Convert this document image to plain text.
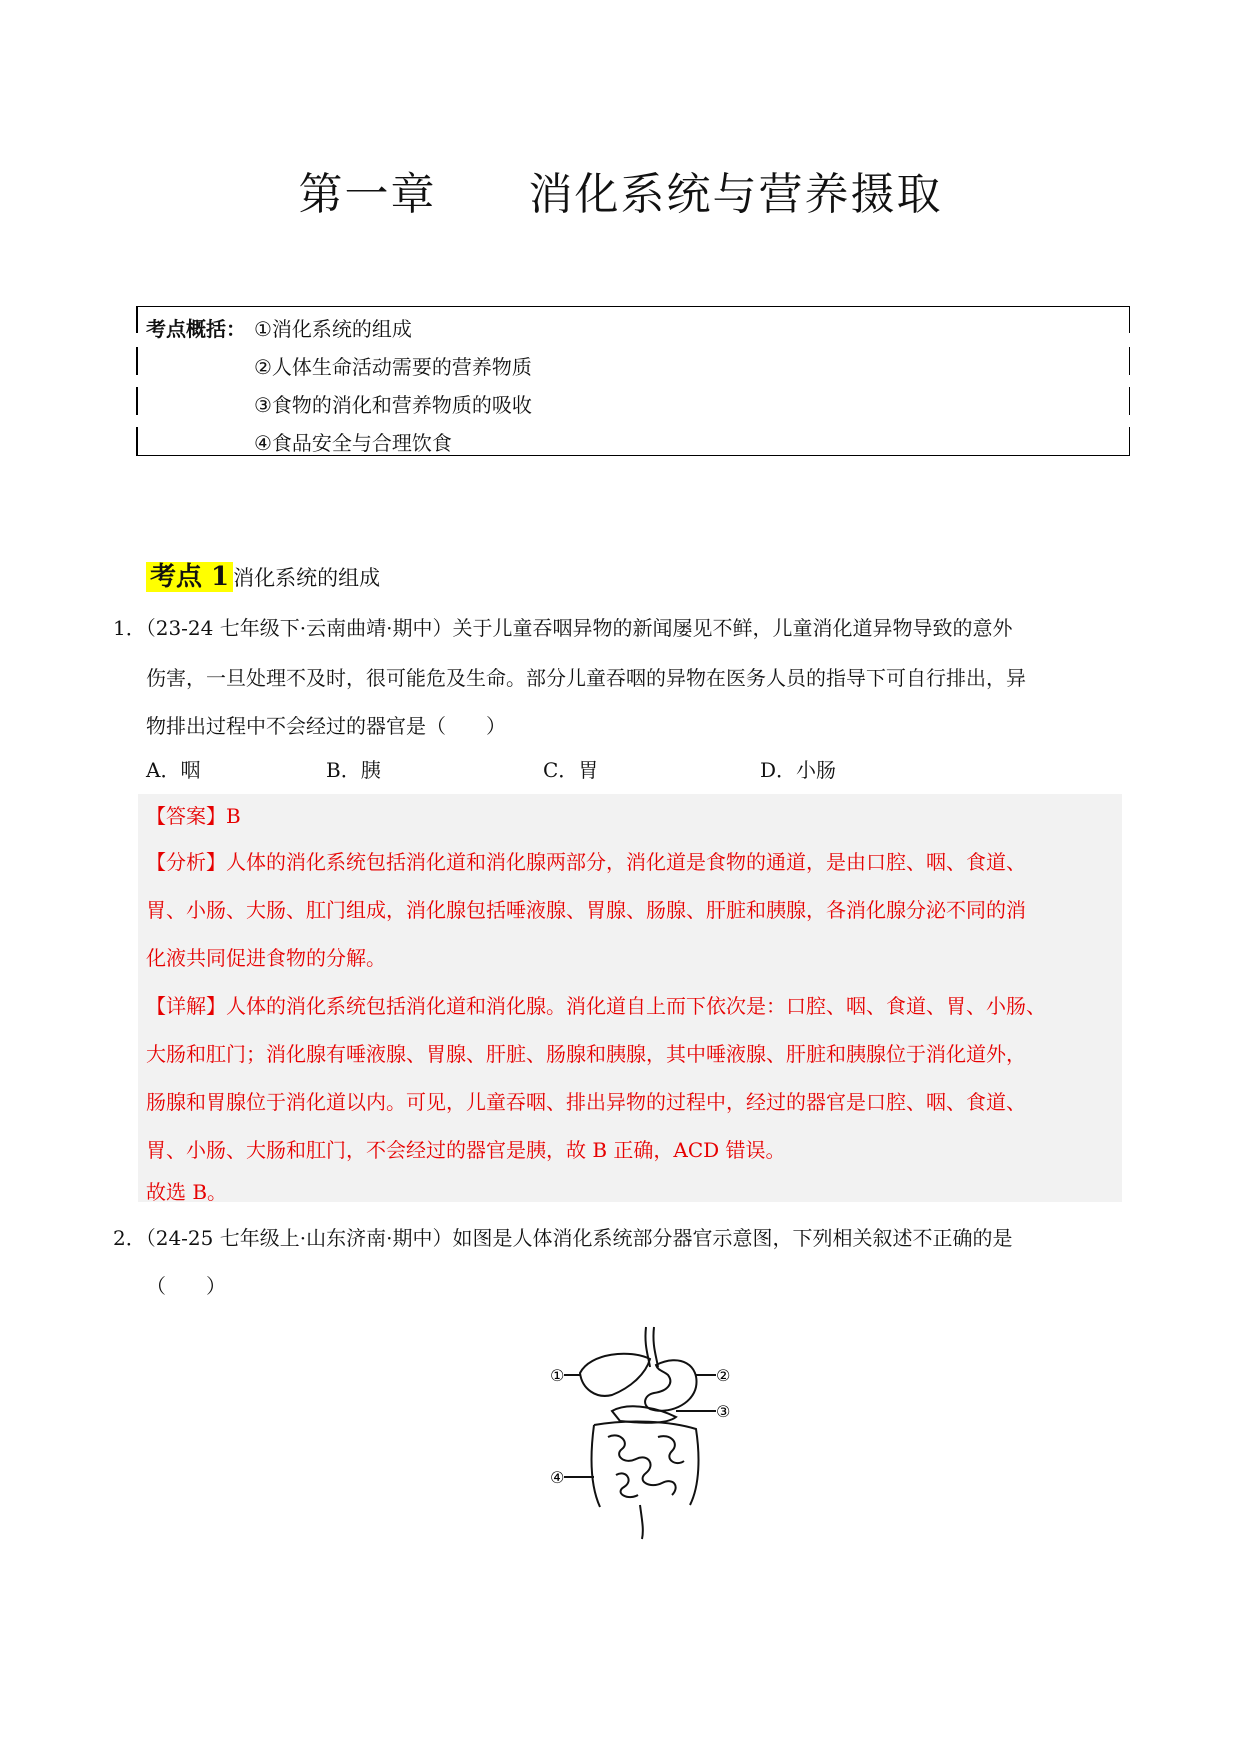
第一章　　消化系统与营养摄取
考点概括： ①消化系统的组成
②人体生命活动需要的营养物质
③食物的消化和营养物质的吸收
④食品安全与合理饮食
考点 1 消化系统的组成
1．（23-24 七年级下·云南曲靖·期中）关于儿童吞咽异物的新闻屡见不鲜，儿童消化道异物导致的意外
伤害，一旦处理不及时，很可能危及生命。部分儿童吞咽的异物在医务人员的指导下可自行排出，异
物排出过程中不会经过的器官是（　　）
A．咽	B．胰	C．胃	D．小肠
【答案】B
【分析】人体的消化系统包括消化道和消化腺两部分，消化道是食物的通道，是由口腔、咽、食道、
胃、小肠、大肠、肛门组成，消化腺包括唾液腺、胃腺、肠腺、肝脏和胰腺，各消化腺分泌不同的消
化液共同促进食物的分解。
【详解】人体的消化系统包括消化道和消化腺。消化道自上而下依次是：口腔、咽、食道、胃、小肠、
大肠和肛门；消化腺有唾液腺、胃腺、肝脏、肠腺和胰腺，其中唾液腺、肝脏和胰腺位于消化道外，
肠腺和胃腺位于消化道以内。可见，儿童吞咽、排出异物的过程中，经过的器官是口腔、咽、食道、
胃、小肠、大肠和肛门，不会经过的器官是胰，故 B 正确，ACD 错误。
故选 B。
2．（24-25 七年级上·山东济南·期中）如图是人体消化系统部分器官示意图，下列相关叙述不正确的是
（　　）
①	②
③
④
